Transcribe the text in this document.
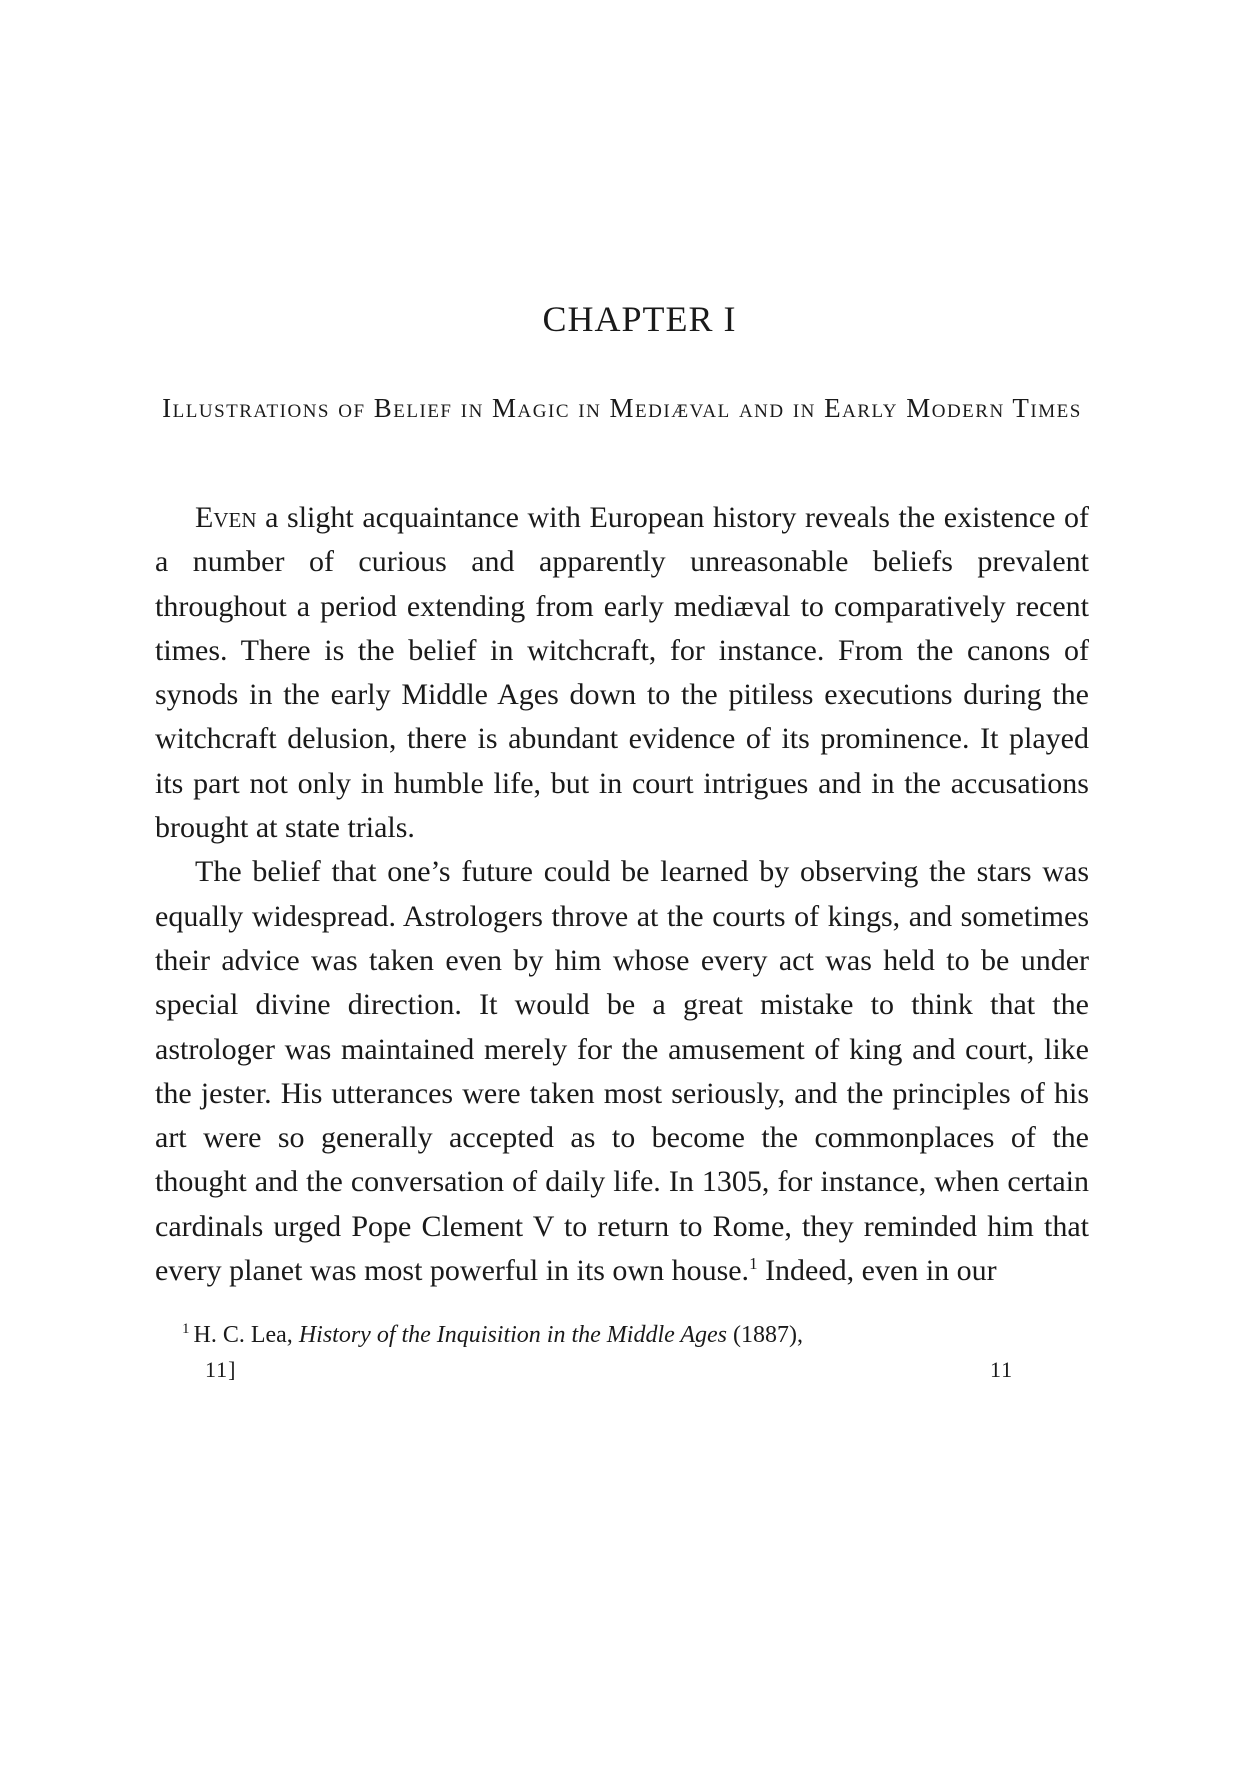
CHAPTER I
Illustrations of Belief in Magic in Mediæval and in Early Modern Times

Even a slight acquaintance with European history reveals the existence of a number of curious and apparently unreasonable beliefs prevalent throughout a period extending from early mediæval to comparatively recent times. There is the belief in witchcraft, for instance. From the canons of synods in the early Middle Ages down to the pitiless executions during the witchcraft delusion, there is abundant evidence of its prominence. It played its part not only in humble life, but in court intrigues and in the accusations brought at state trials.

The belief that one’s future could be learned by observing the stars was equally widespread. Astrologers throve at the courts of kings, and sometimes their advice was taken even by him whose every act was held to be under special divine direction. It would be a great mistake to think that the astrologer was maintained merely for the amusement of king and court, like the jester. His utterances were taken most seriously, and the principles of his art were so generally accepted as to become the commonplaces of the thought and the conversation of daily life. In 1305, for instance, when certain cardinals urged Pope Clement V to return to Rome, they reminded him that every planet was most powerful in its own house.$^1$ Indeed, even in our

$^1$ H. C. Lea, History of the Inquisition in the Middle Ages (1887),
11]	11
